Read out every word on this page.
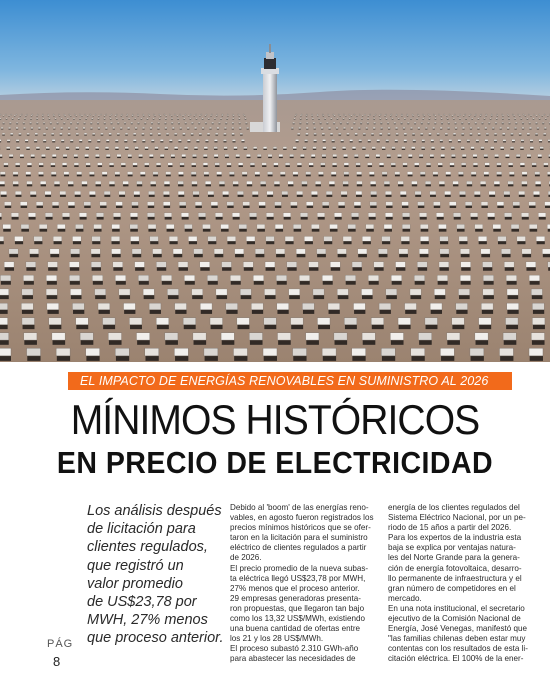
EL IMPACTO DE ENERGÍAS RENOVABLES EN SUMINISTRO AL 2026
MÍNIMOS HISTÓRICOS
EN PRECIO DE ELECTRICIDAD
Los análisis después
de licitación para
clientes regulados,
que registró un
valor promedio
de US$23,78 por
MWH, 27% menos
que proceso anterior.
PÁG
8
Debido al 'boom' de las energías reno-
vables, en agosto fueron registrados los
precios mínimos históricos que se ofer-
taron en la licitación para el suministro
eléctrico de clientes regulados a partir
de 2026.
El precio promedio de la nueva subas-
ta eléctrica llegó US$23,78 por MWH,
27% menos que el proceso anterior.
29 empresas generadoras presenta-
ron propuestas, que llegaron tan bajo
como los 13,32 US$/MWh, existiendo
una buena cantidad de ofertas entre
los 21 y los 28 US$/MWh.
El proceso subastó 2.310 GWh-año
para abastecer las necesidades de
energía de los clientes regulados del
Sistema Eléctrico Nacional, por un pe-
riodo de 15 años a partir del 2026.
Para los expertos de la industria esta
baja se explica por ventajas natura-
les del Norte Grande para la genera-
ción de energía fotovoltaica, desarro-
llo permanente de infraestructura y el
gran número de competidores en el
mercado.
En una nota institucional, el secretario
ejecutivo de la Comisión Nacional de
Energía, José Venegas, manifestó que
"las familias chilenas deben estar muy
contentas con los resultados de esta li-
citación eléctrica. El 100% de la ener-
